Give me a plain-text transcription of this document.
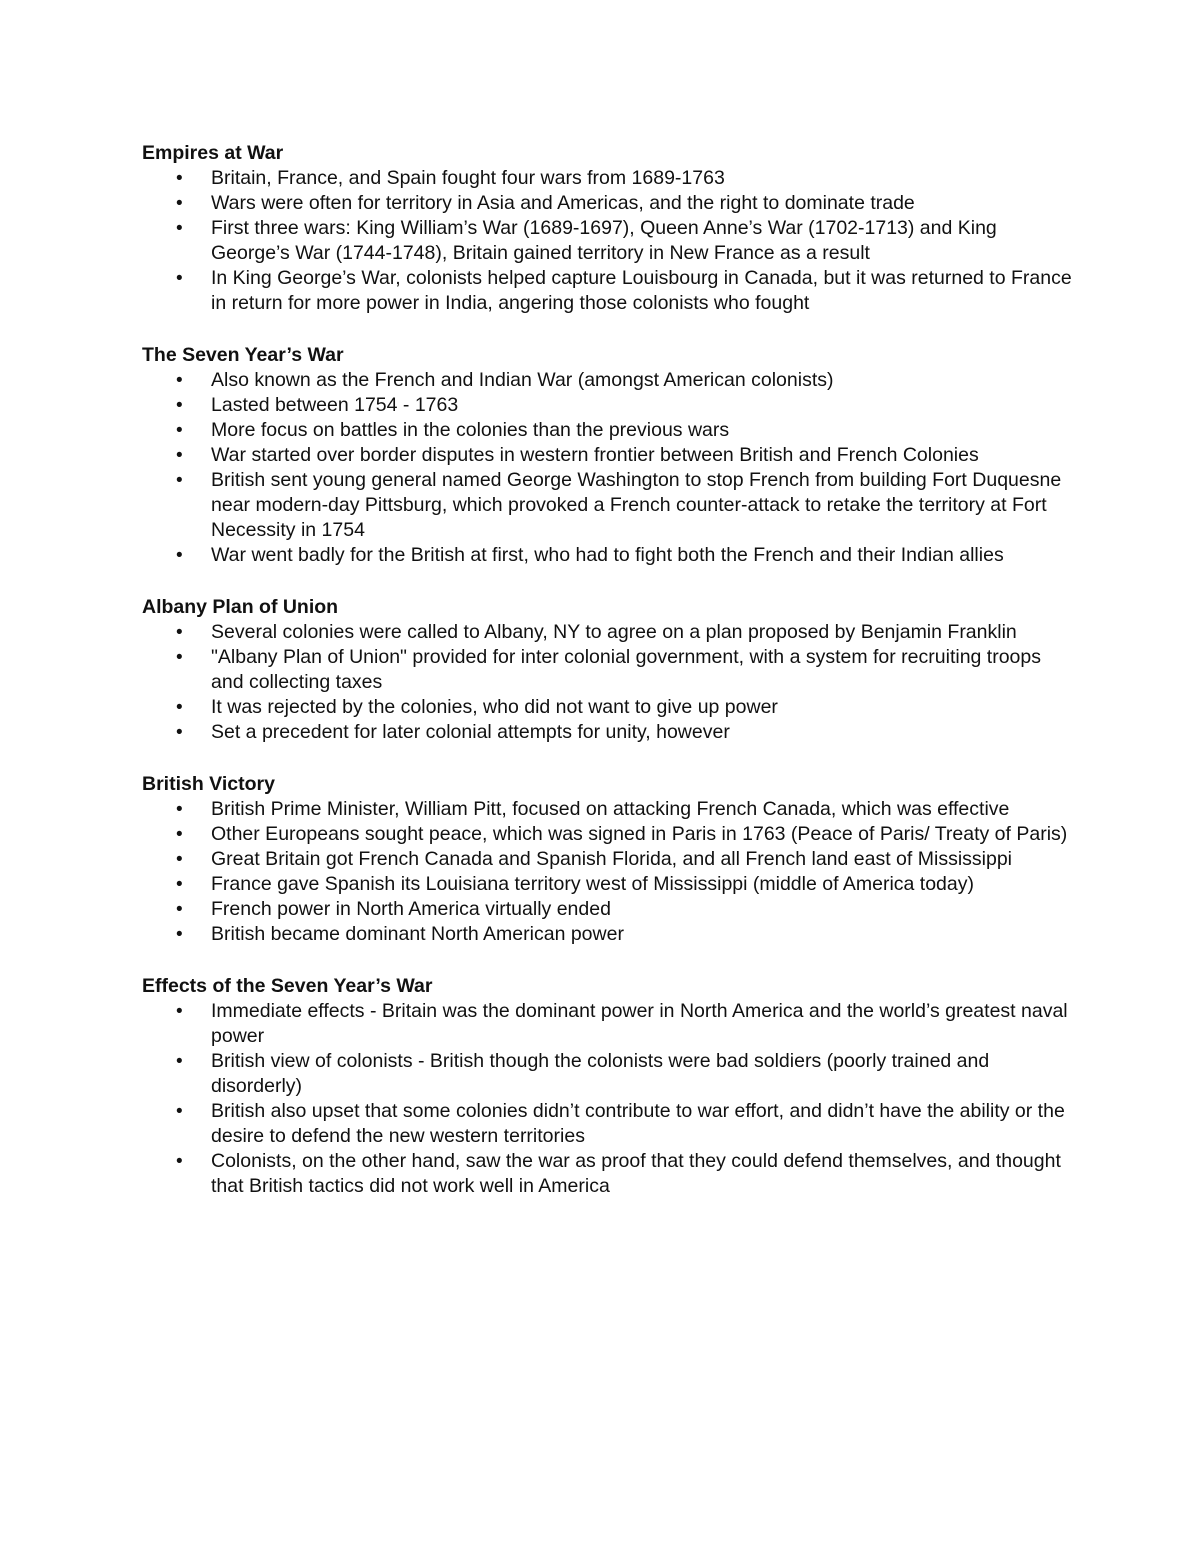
Empires at War
• Britain, France, and Spain fought four wars from 1689-1763
• Wars were often for territory in Asia and Americas, and the right to dominate trade
• First three wars: King William’s War (1689-1697), Queen Anne’s War (1702-1713) and King George’s War (1744-1748), Britain gained territory in New France as a result
• In King George’s War, colonists helped capture Louisbourg in Canada, but it was returned to France in return for more power in India, angering those colonists who fought
The Seven Year’s War
• Also known as the French and Indian War (amongst American colonists)
• Lasted between 1754 - 1763
• More focus on battles in the colonies than the previous wars
• War started over border disputes in western frontier between British and French Colonies
• British sent young general named George Washington to stop French from building Fort Duquesne near modern-day Pittsburg, which provoked a French counter-attack to retake the territory at Fort Necessity in 1754
• War went badly for the British at first, who had to fight both the French and their Indian allies
Albany Plan of Union
• Several colonies were called to Albany, NY to agree on a plan proposed by Benjamin Franklin
• "Albany Plan of Union" provided for inter colonial government, with a system for recruiting troops and collecting taxes
• It was rejected by the colonies, who did not want to give up power
• Set a precedent for later colonial attempts for unity, however
British Victory
• British Prime Minister, William Pitt, focused on attacking French Canada, which was effective
• Other Europeans sought peace, which was signed in Paris in 1763 (Peace of Paris/ Treaty of Paris)
• Great Britain got French Canada and Spanish Florida, and all French land east of Mississippi
• France gave Spanish its Louisiana territory west of Mississippi (middle of America today)
• French power in North America virtually ended
• British became dominant North American power
Effects of the Seven Year’s War
• Immediate effects - Britain was the dominant power in North America and the world’s greatest naval power
• British view of colonists - British though the colonists were bad soldiers (poorly trained and disorderly)
• British also upset that some colonies didn’t contribute to war effort, and didn’t have the ability or the desire to defend the new western territories
• Colonists, on the other hand, saw the war as proof that they could defend themselves, and thought that British tactics did not work well in America
